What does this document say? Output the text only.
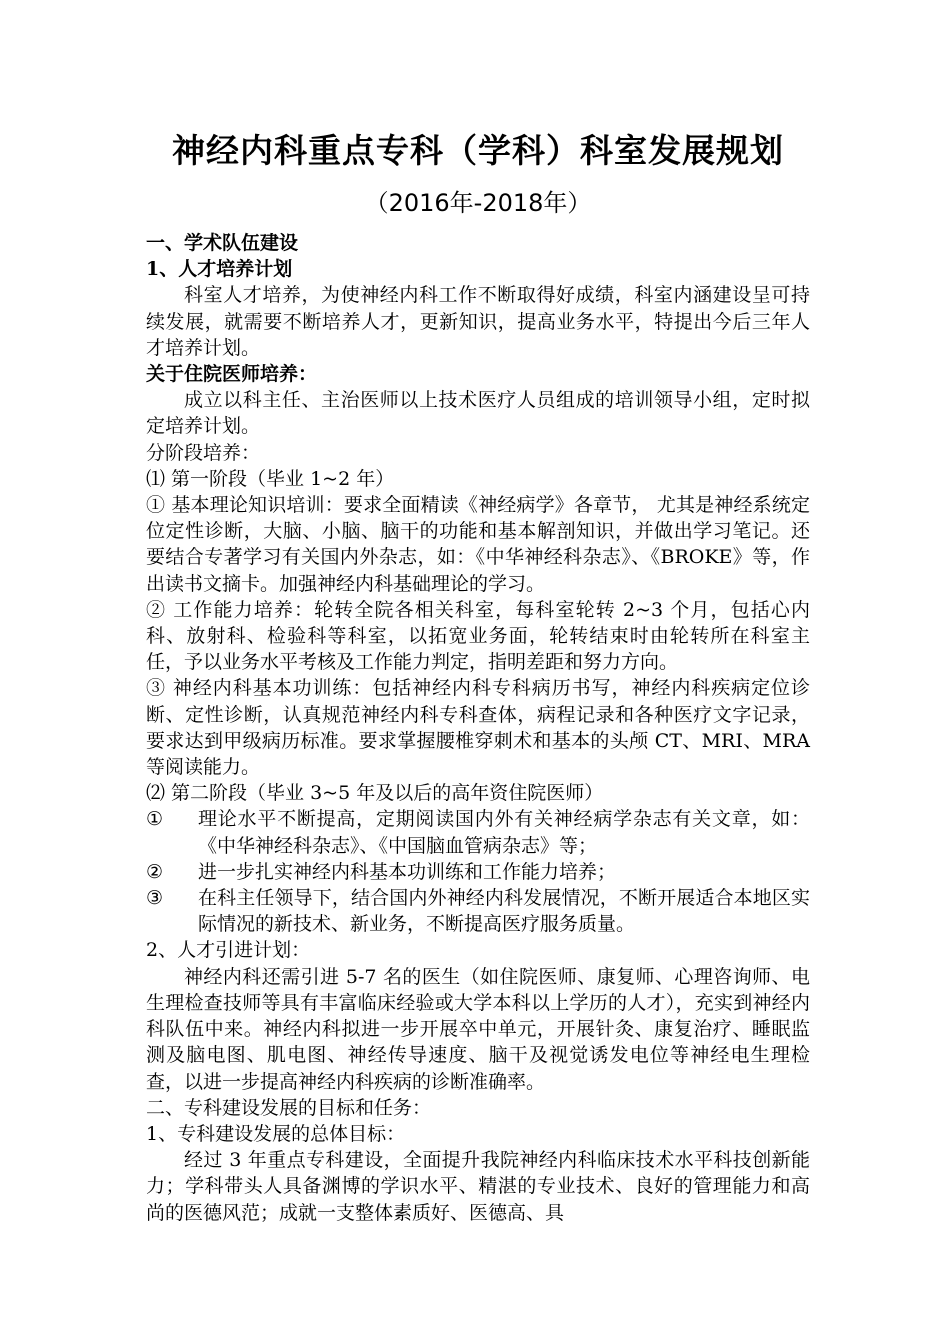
神经内科重点专科（学科）科室发展规划
（2016年-2018年）

一、学术队伍建设

1、人才培养计划

科室人才培养，为使神经内科工作不断取得好成绩，科室内涵建设呈可持续发展，就需要不断培养人才，更新知识，提高业务水平，特提出今后三年人才培养计划。

关于住院医师培养：

成立以科主任、主治医师以上技术医疗人员组成的培训领导小组，定时拟定培养计划。

分阶段培养：

⑴ 第一阶段（毕业 1~2 年）

① 基本理论知识培训：要求全面精读《神经病学》各章节， 尤其是神经系统定位定性诊断，大脑、小脑、脑干的功能和基本解剖知识，并做出学习笔记。还要结合专著学习有关国内外杂志，如：《中华神经科杂志》、《BROKE》等，作出读书文摘卡。加强神经内科基础理论的学习。

② 工作能力培养：轮转全院各相关科室，每科室轮转 2~3 个月，包括心内科、放射科、检验科等科室，以拓宽业务面，轮转结束时由轮转所在科室主任，予以业务水平考核及工作能力判定，指明差距和努力方向。

③ 神经内科基本功训练：包括神经内科专科病历书写，神经内科疾病定位诊断、定性诊断，认真规范神经内科专科查体，病程记录和各种医疗文字记录，要求达到甲级病历标准。要求掌握腰椎穿刺术和基本的头颅 CT、MRI、MRA 等阅读能力。

⑵ 第二阶段（毕业 3~5 年及以后的高年资住院医师）

①	理论水平不断提高，定期阅读国内外有关神经病学杂志有关文章，如：《中华神经科杂志》、《中国脑血管病杂志》等；
②	进一步扎实神经内科基本功训练和工作能力培养；
③	在科主任领导下，结合国内外神经内科发展情况，不断开展适合本地区实际情况的新技术、新业务，不断提高医疗服务质量。

2、人才引进计划：

神经内科还需引进 5-7 名的医生（如住院医师、康复师、心理咨询师、电生理检查技师等具有丰富临床经验或大学本科以上学历的人才），充实到神经内科队伍中来。神经内科拟进一步开展卒中单元，开展针灸、康复治疗、睡眠监测及脑电图、肌电图、神经传导速度、脑干及视觉诱发电位等神经电生理检查，以进一步提高神经内科疾病的诊断准确率。

二、专科建设发展的目标和任务：

1、专科建设发展的总体目标：

经过 3 年重点专科建设，全面提升我院神经内科临床技术水平科技创新能力；学科带头人具备渊博的学识水平、精湛的专业技术、良好的管理能力和高尚的医德风范；成就一支整体素质好、医德高、具
